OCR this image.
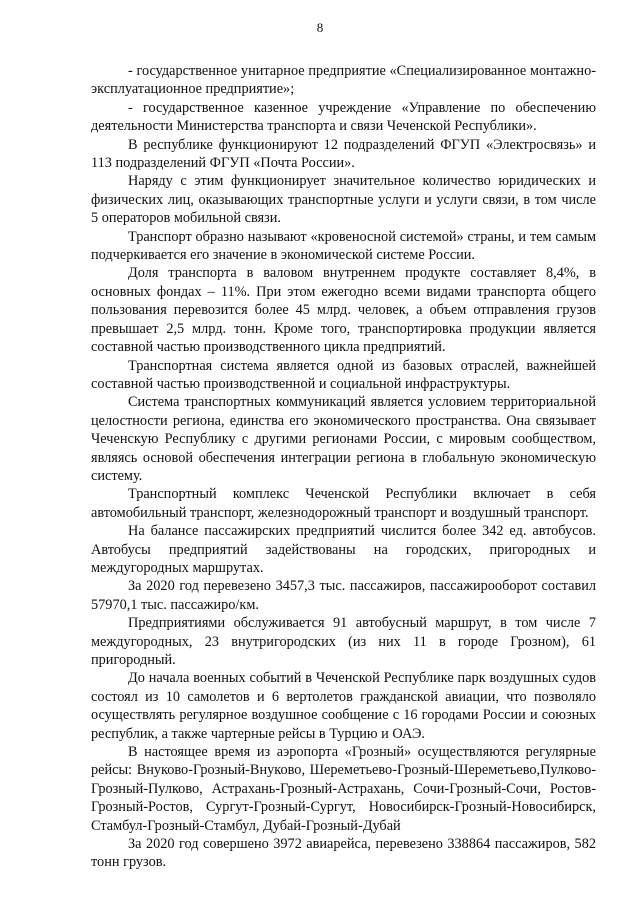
8

- государственное унитарное предприятие «Специализированное монтажно-эксплуатационное предприятие»;

- государственное казенное учреждение «Управление по обеспечению деятельности Министерства транспорта и связи Чеченской Республики».

В республике функционируют 12 подразделений ФГУП «Электросвязь» и 113 подразделений ФГУП «Почта России».

Наряду с этим функционирует значительное количество юридических и физических лиц, оказывающих транспортные услуги и услуги связи, в том числе 5 операторов мобильной связи.

Транспорт образно называют «кровеносной системой» страны, и тем самым подчеркивается его значение в экономической системе России.

Доля транспорта в валовом внутреннем продукте составляет 8,4%, в основных фондах – 11%. При этом ежегодно всеми видами транспорта общего пользования перевозится более 45 млрд. человек, а объем отправления грузов превышает 2,5 млрд. тонн. Кроме того, транспортировка продукции является составной частью производственного цикла предприятий.

Транспортная система является одной из базовых отраслей, важнейшей составной частью производственной и социальной инфраструктуры.

Система транспортных коммуникаций является условием территориальной целостности региона, единства его экономического пространства. Она связывает Чеченскую Республику с другими регионами России, с мировым сообществом, являясь основой обеспечения интеграции региона в глобальную экономическую систему.

Транспортный комплекс Чеченской Республики включает в себя автомобильный транспорт, железнодорожный транспорт и воздушный транспорт.

На балансе пассажирских предприятий числится более 342 ед. автобусов. Автобусы предприятий задействованы на городских, пригородных и междугородных маршрутах.

За 2020 год перевезено 3457,3 тыс. пассажиров, пассажирооборот составил 57970,1 тыс. пассажиро/км.

Предприятиями обслуживается 91 автобусный маршрут, в том числе 7 междугородных, 23 внутригородских (из них 11 в городе Грозном), 61 пригородный.

До начала военных событий в Чеченской Республике парк воздушных судов состоял из 10 самолетов и 6 вертолетов гражданской авиации, что позволяло осуществлять регулярное воздушное сообщение с 16 городами России и союзных республик, а также чартерные рейсы в Турцию и ОАЭ.

В настоящее время из аэропорта «Грозный» осуществляются регулярные рейсы: Внуково-Грозный-Внуково, Шереметьево-Грозный-Шереметьево,Пулково-Грозный-Пулково, Астрахань-Грозный-Астрахань, Сочи-Грозный-Сочи, Ростов-Грозный-Ростов, Сургут-Грозный-Сургут, Новосибирск-Грозный-Новосибирск, Стамбул-Грозный-Стамбул, Дубай-Грозный-Дубай

За 2020 год совершено 3972 авиарейса, перевезено 338864 пассажиров, 582 тонн грузов.
